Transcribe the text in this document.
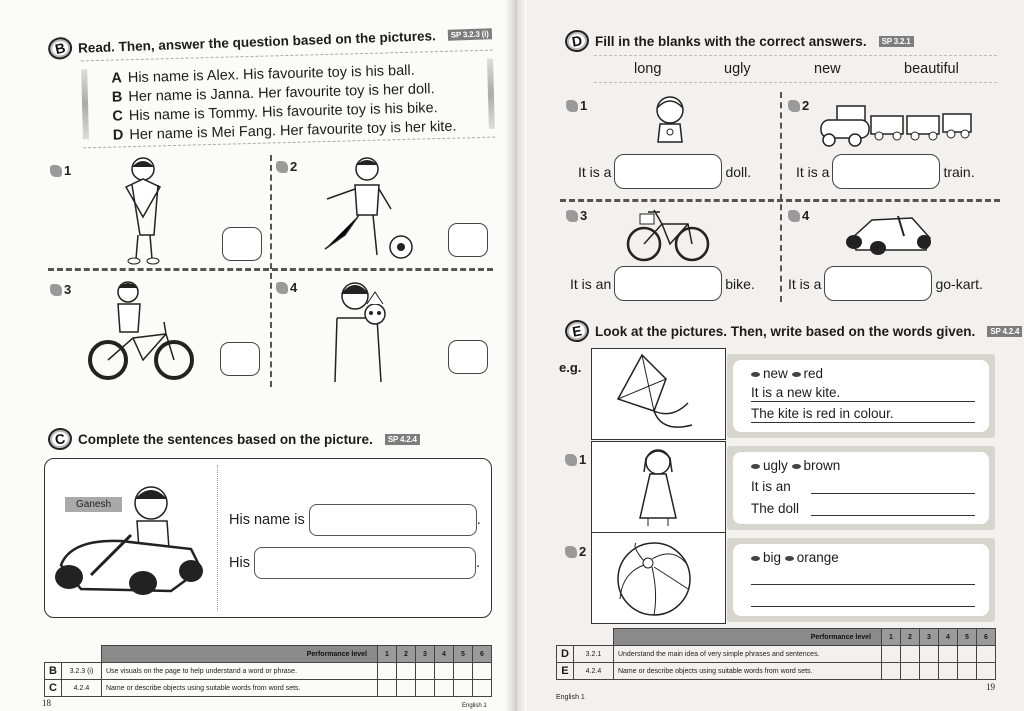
B Read. Then, answer the question based on the pictures.	SP 3.2.3 (i)
A His name is Alex. His favourite toy is his ball.
B Her name is Janna. Her favourite toy is her doll.
C His name is Tommy. His favourite toy is his bike.
D Her name is Mei Fang. Her favourite toy is her kite.
1	2
3	4
C Complete the sentences based on the picture.	SP 4.2.4
Ganesh
His name is	.
His	.
		Performance level	1	2	3	4	5	6
B	3.2.3 (i)	Use visuals on the page to help understand a word or phrase.						
C	4.2.4	Name or describe objects using suitable words from word sets.						
18	English 1
D Fill in the blanks with the correct answers.	SP 3.2.1
long	ugly	new	beautiful
1
It is a	doll.
2
It is a	train.
3
It is an	bike.
4
It is a	go-kart.
E Look at the pictures. Then, write based on the words given.	SP 4.2.4
e.g.	new red
It is a new kite.
The kite is red in colour.
1	ugly brown
It is an
The doll
2	big orange
		Performance level	1	2	3	4	5	6
D	3.2.1	Understand the main idea of very simple phrases and sentences.						
E	4.2.4	Name or describe objects using suitable words from word sets.						
19
English 1
